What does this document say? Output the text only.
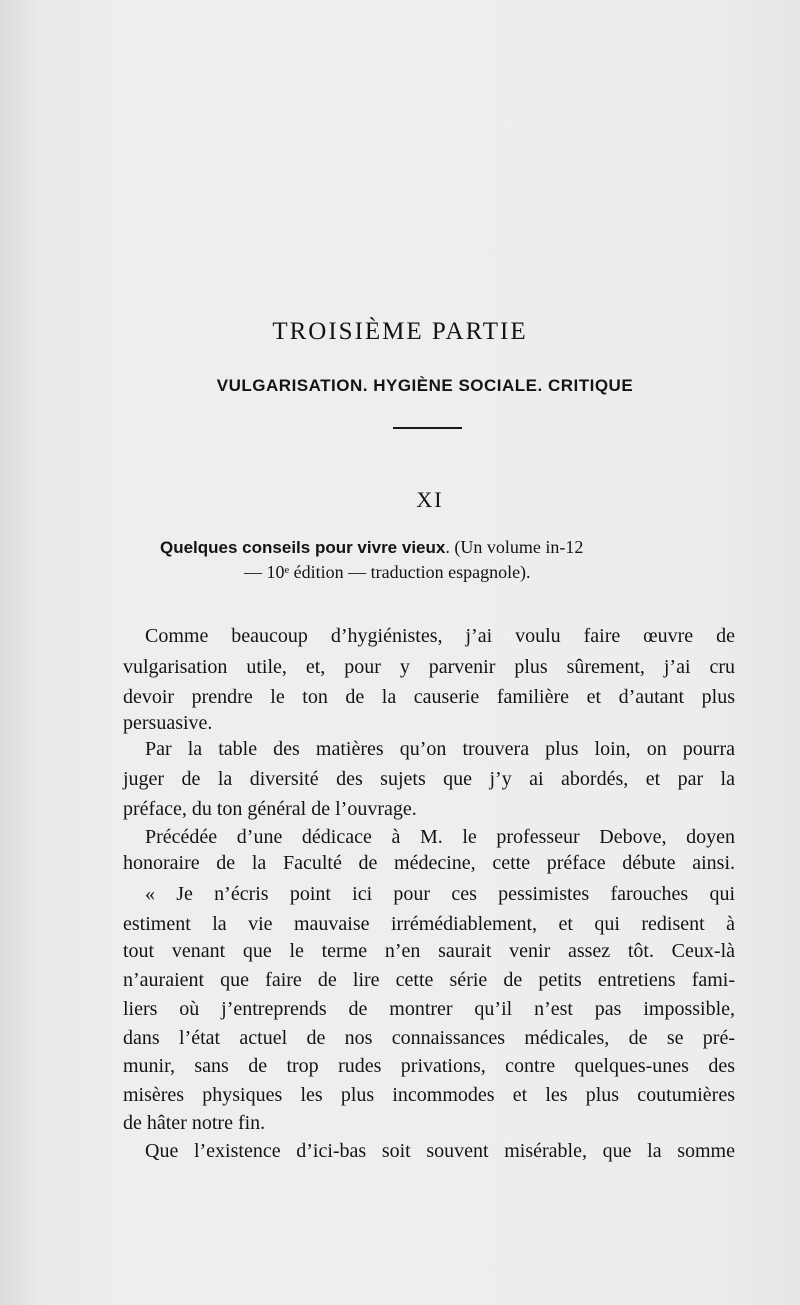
TROISIÈME PARTIE
VULGARISATION. HYGIÈNE SOCIALE. CRITIQUE
XI
Quelques conseils pour vivre vieux. (Un volume in-12
— 10ᵉ édition — traduction espagnole).
Comme beaucoup d’hygiénistes, j’ai voulu faire œuvre de
vulgarisation utile, et, pour y parvenir plus sûrement, j’ai cru
devoir prendre le ton de la causerie familière et d’autant plus
persuasive.
Par la table des matières qu’on trouvera plus loin, on pourra
juger de la diversité des sujets que j’y ai abordés, et par la
préface, du ton général de l’ouvrage.
Précédée d’une dédicace à M. le professeur Debove, doyen
honoraire de la Faculté de médecine, cette préface débute ainsi.
« Je n’écris point ici pour ces pessimistes farouches qui
estiment la vie mauvaise irrémédiablement, et qui redisent à
tout venant que le terme n’en saurait venir assez tôt. Ceux-là
n’auraient que faire de lire cette série de petits entretiens fami-
liers où j’entreprends de montrer qu’il n’est pas impossible,
dans l’état actuel de nos connaissances médicales, de se pré-
munir, sans de trop rudes privations, contre quelques-unes des
misères physiques les plus incommodes et les plus coutumières
de hâter notre fin.
Que l’existence d’ici-bas soit souvent misérable, que la somme
